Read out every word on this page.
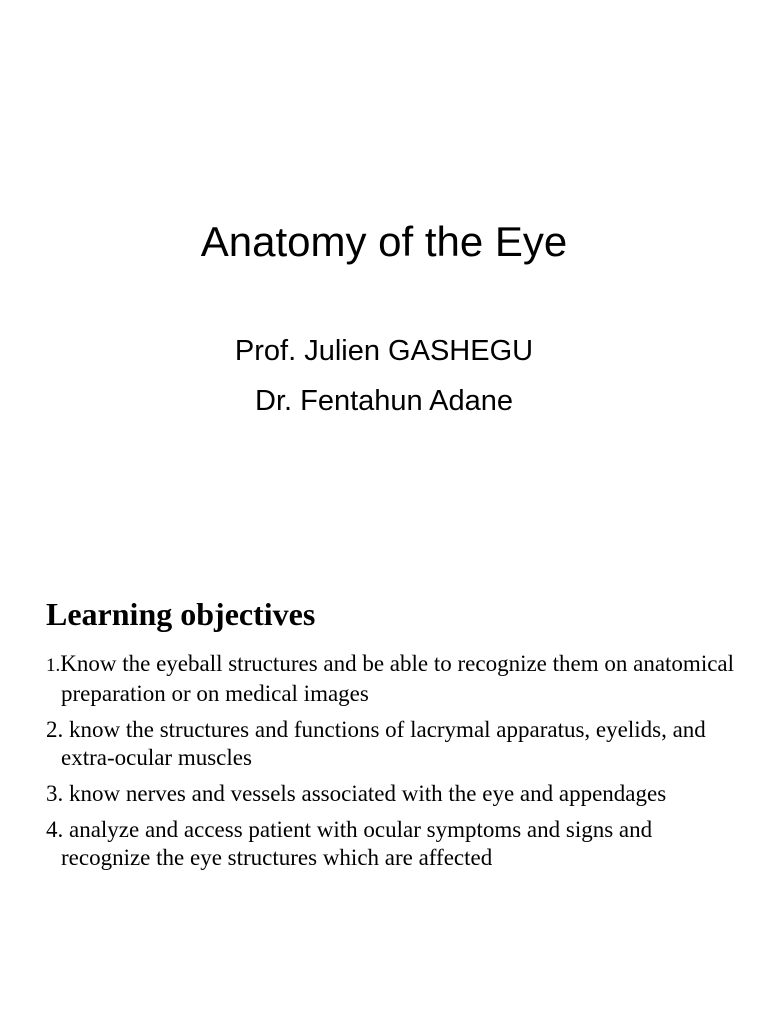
Anatomy of the Eye

Prof. Julien GASHEGU

Dr. Fentahun Adane

Learning objectives
1.Know the eyeball structures and be able to recognize them on anatomical preparation or on medical images
2. know the structures and functions of lacrymal apparatus, eyelids, and extra-ocular muscles
3. know nerves and vessels associated with the eye and appendages
4. analyze and access patient with ocular symptoms and signs and recognize the eye structures which are affected
